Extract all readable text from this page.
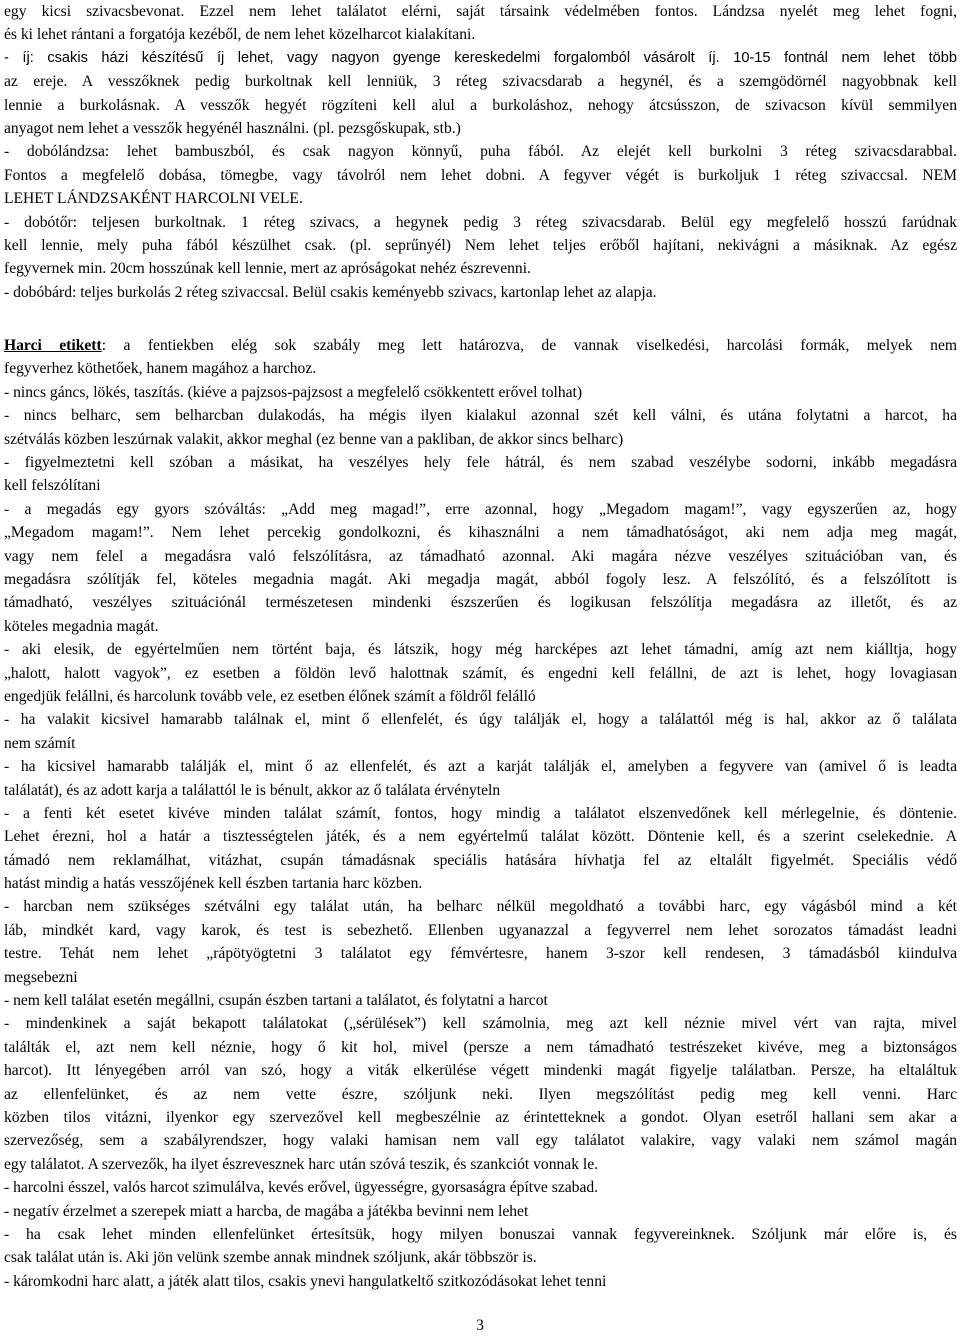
egy kicsi szivacsbevonat. Ezzel nem lehet találatot elérni, saját társaink védelmében fontos. Lándzsa nyelét meg lehet fogni,
és ki lehet rántani a forgatója kezéből, de nem lehet közelharcot kialakítani.
- íj: csakis házi készítésű íj lehet, vagy nagyon gyenge kereskedelmi forgalomból vásárolt íj. 10-15 fontnál nem lehet több
az ereje. A vesszőknek pedig burkoltnak kell lenniük, 3 réteg szivacsdarab a hegynél, és a szemgödörnél nagyobbnak kell
lennie a burkolásnak. A vesszők hegyét rögzíteni kell alul a burkoláshoz, nehogy átcsússzon, de szivacson kívül semmilyen
anyagot nem lehet a vesszők hegyénél használni. (pl. pezsgőskupak, stb.)
- dobólándzsa: lehet bambuszból, és csak nagyon könnyű, puha fából. Az elejét kell burkolni 3 réteg szivacsdarabbal.
Fontos a megfelelő dobása, tömegbe, vagy távolról nem lehet dobni. A fegyver végét is burkoljuk 1 réteg szivaccsal. NEM
LEHET LÁNDZSAKÉNT HARCOLNI VELE.
- dobótőr: teljesen burkoltnak. 1 réteg szivacs, a hegynek pedig 3 réteg szivacsdarab. Belül egy megfelelő hosszú farúdnak
kell lennie, mely puha fából készülhet csak. (pl. seprűnyél) Nem lehet teljes erőből hajítani, nekivágni a másiknak. Az egész
fegyvernek min. 20cm hosszúnak kell lennie, mert az apróságokat nehéz észrevenni.
- dobóbárd: teljes burkolás 2 réteg szivaccsal. Belül csakis keményebb szivacs, kartonlap lehet az alapja.
Harci etikett: a fentiekben elég sok szabály meg lett határozva, de vannak viselkedési, harcolási formák, melyek nem
fegyverhez köthetőek, hanem magához a harchoz.
- nincs gáncs, lökés, taszítás. (kiéve a pajzsos-pajzsost a megfelelő csökkentett erővel tolhat)
- nincs belharc, sem belharcban dulakodás, ha mégis ilyen kialakul azonnal szét kell válni, és utána folytatni a harcot, ha
szétválás közben leszúrnak valakit, akkor meghal (ez benne van a pakliban, de akkor sincs belharc)
- figyelmeztetni kell szóban a másikat, ha veszélyes hely fele hátrál, és nem szabad veszélybe sodorni, inkább megadásra
kell felszólítani
- a megadás egy gyors szóváltás: „Add meg magad!”, erre azonnal, hogy „Megadom magam!”, vagy egyszerűen az, hogy
„Megadom magam!”. Nem lehet percekig gondolkozni, és kihasználni a nem támadhatóságot, aki nem adja meg magát,
vagy nem felel a megadásra való felszólításra, az támadható azonnal. Aki magára nézve veszélyes szituációban van, és
megadásra szólítják fel, köteles megadnia magát. Aki megadja magát, abból fogoly lesz. A felszólító, és a felszólított is
támadható, veszélyes szituációnál természetesen mindenki észszerűen és logikusan felszólítja megadásra az illetőt, és az
köteles megadnia magát.
- aki elesik, de egyértelműen nem történt baja, és látszik, hogy még harcképes azt lehet támadni, amíg azt nem kiálltja, hogy
„halott, halott vagyok”, ez esetben a földön levő halottnak számít, és engedni kell felállni, de azt is lehet, hogy lovagiasan
engedjük felállni, és harcolunk tovább vele, ez esetben élőnek számít a földről felálló
- ha valakit kicsivel hamarabb találnak el, mint ő ellenfelét, és úgy találják el, hogy a találattól még is hal, akkor az ő találata
nem számít
- ha kicsivel hamarabb találják el, mint ő az ellenfelét, és azt a karját találják el, amelyben a fegyvere van (amivel ő is leadta
találatát), és az adott karja a találattól le is bénult, akkor az ő találata érvényteln
- a fenti két esetet kivéve minden találat számít, fontos, hogy mindig a találatot elszenvedőnek kell mérlegelnie, és döntenie.
Lehet érezni, hol a határ a tisztességtelen játék, és a nem egyértelmű találat között. Döntenie kell, és a szerint cselekednie. A
támadó nem reklamálhat, vitázhat, csupán támadásnak speciális hatására hívhatja fel az eltalált figyelmét. Speciális védő
hatást mindig a hatás vesszőjének kell észben tartania harc közben.
- harcban nem szükséges szétválni egy találat után, ha belharc nélkül megoldható a további harc, egy vágásból mind a két
láb, mindkét kard, vagy karok, és test is sebezhető. Ellenben ugyanazzal a fegyverrel nem lehet sorozatos támadást leadni
testre. Tehát nem lehet „rápötyögtetni 3 találatot egy fémvértesre, hanem 3-szor kell rendesen, 3 támadásból kiindulva
megsebezni
- nem kell találat esetén megállni, csupán észben tartani a találatot, és folytatni a harcot
- mindenkinek a saját bekapott találatokat („sérülések”) kell számolnia, meg azt kell néznie mivel vért van rajta, mivel
találták el, azt nem kell néznie, hogy ő kit hol, mivel (persze a nem támadható testrészeket kivéve, meg a biztonságos
harcot). Itt lényegében arról van szó, hogy a viták elkerülése végett mindenki magát figyelje találatban. Persze, ha eltaláltuk
az ellenfelünket, és az nem vette észre, szóljunk neki. Ilyen megszólítást pedig meg kell venni. Harc
közben tilos vitázni, ilyenkor egy szervezővel kell megbeszélnie az érintetteknek a gondot. Olyan esetről hallani sem akar a
szervezőség, sem a szabályrendszer, hogy valaki hamisan nem vall egy találatot valakire, vagy valaki nem számol magán
egy találatot. A szervezők, ha ilyet észrevesznek harc után szóvá teszik, és szankciót vonnak le.
- harcolni ésszel, valós harcot szimulálva, kevés erővel, ügyességre, gyorsaságra építve szabad.
- negatív érzelmet a szerepek miatt a harcba, de magába a játékba bevinni nem lehet
- ha csak lehet minden ellenfelünket értesítsük, hogy milyen bonuszai vannak fegyvereinknek. Szóljunk már előre is, és
csak találat után is. Aki jön velünk szembe annak mindnek szóljunk, akár többször is.
- káromkodni harc alatt, a játék alatt tilos, csakis ynevi hangulatkeltő szitkozódásokat lehet tenni
3
